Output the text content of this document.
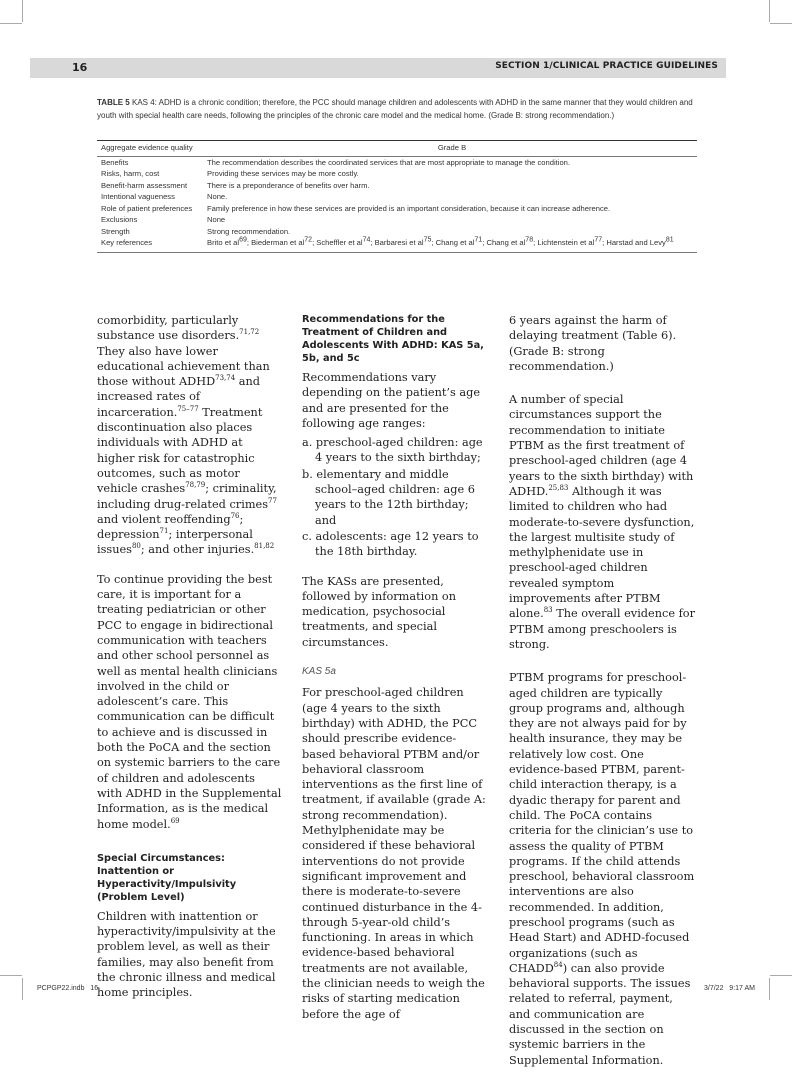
16	SECTION 1/CLINICAL PRACTICE GUIDELINES
TABLE 5 KAS 4: ADHD is a chronic condition; therefore, the PCC should manage children and adolescents with ADHD in the same manner that they would children and youth with special health care needs, following the principles of the chronic care model and the medical home. (Grade B: strong recommendation.)
Aggregate evidence quality	Grade B

Benefits	The recommendation describes the coordinated services that are most appropriate to manage the condition.
Risks, harm, cost	Providing these services may be more costly.
Benefit-harm assessment	There is a preponderance of benefits over harm.
Intentional vagueness	None.
Role of patient preferences	Family preference in how these services are provided is an important consideration, because it can increase adherence.
Exclusions	None
Strength	Strong recommendation.
Key references	Brito et $al^{69}$; Biederman et $al^{72}$; Scheffler et $al^{74}$; Barbaresi et $al^{75}$; Chang et $al^{71}$; Chang et $al^{78}$; Lichtenstein et $al^{77}$; Harstad and Levy$^{81}$

comorbidity, particularly substance use disorders.$^{71,72}$ They also have lower educational achievement than those without ADHD$^{73,74}$ and increased rates of incarceration.$^{75-77}$ Treatment discontinuation also places individuals with ADHD at higher risk for catastrophic outcomes, such as motor vehicle crashes$^{78,79}$; criminality, including drug-related crimes$^{77}$ and violent reoffending$^{76}$; depression$^{71}$; interpersonal issues$^{80}$; and other injuries.$^{81,82}$

To continue providing the best care, it is important for a treating pediatrician or other PCC to engage in bidirectional communication with teachers and other school personnel as well as mental health clinicians involved in the child or adolescent’s care. This communication can be difficult to achieve and is discussed in both the PoCA and the section on systemic barriers to the care of children and adolescents with ADHD in the Supplemental Information, as is the medical home model.$^{69}$

Special Circumstances: Inattention or Hyperactivity/Impulsivity (Problem Level)

Children with inattention or hyperactivity/impulsivity at the problem level, as well as their families, may also benefit from the chronic illness and medical home principles.

Recommendations for the Treatment of Children and Adolescents With ADHD: KAS 5a, 5b, and 5c

Recommendations vary depending on the patient’s age and are presented for the following age ranges:

a. preschool-aged children: age 4 years to the sixth birthday;
b. elementary and middle school–aged children: age 6 years to the 12th birthday; and
c. adolescents: age 12 years to the 18th birthday.

The KASs are presented, followed by information on medication, psychosocial treatments, and special circumstances.

KAS 5a

For preschool-aged children (age 4 years to the sixth birthday) with ADHD, the PCC should prescribe evidence-based behavioral PTBM and/or behavioral classroom interventions as the first line of treatment, if available (grade A: strong recommendation). Methylphenidate may be considered if these behavioral interventions do not provide significant improvement and there is moderate-to-severe continued disturbance in the 4- through 5-year-old child’s functioning. In areas in which evidence-based behavioral treatments are not available, the clinician needs to weigh the risks of starting medication before the age of

6 years against the harm of delaying treatment (Table 6). (Grade B: strong recommendation.)

A number of special circumstances support the recommendation to initiate PTBM as the first treatment of preschool-aged children (age 4 years to the sixth birthday) with ADHD.$^{25,83}$ Although it was limited to children who had moderate-to-severe dysfunction, the largest multisite study of methylphenidate use in preschool-aged children revealed symptom improvements after PTBM alone.$^{83}$ The overall evidence for PTBM among preschoolers is strong.

PTBM programs for preschool-aged children are typically group programs and, although they are not always paid for by health insurance, they may be relatively low cost. One evidence-based PTBM, parent-child interaction therapy, is a dyadic therapy for parent and child. The PoCA contains criteria for the clinician’s use to assess the quality of PTBM programs. If the child attends preschool, behavioral classroom interventions are also recommended. In addition, preschool programs (such as Head Start) and ADHD-focused organizations (such as CHADD$^{84}$) can also provide behavioral supports. The issues related to referral, payment, and communication are discussed in the section on systemic barriers in the Supplemental Information.

PCPGP22.indb   16	3/7/22   9:17 AM
